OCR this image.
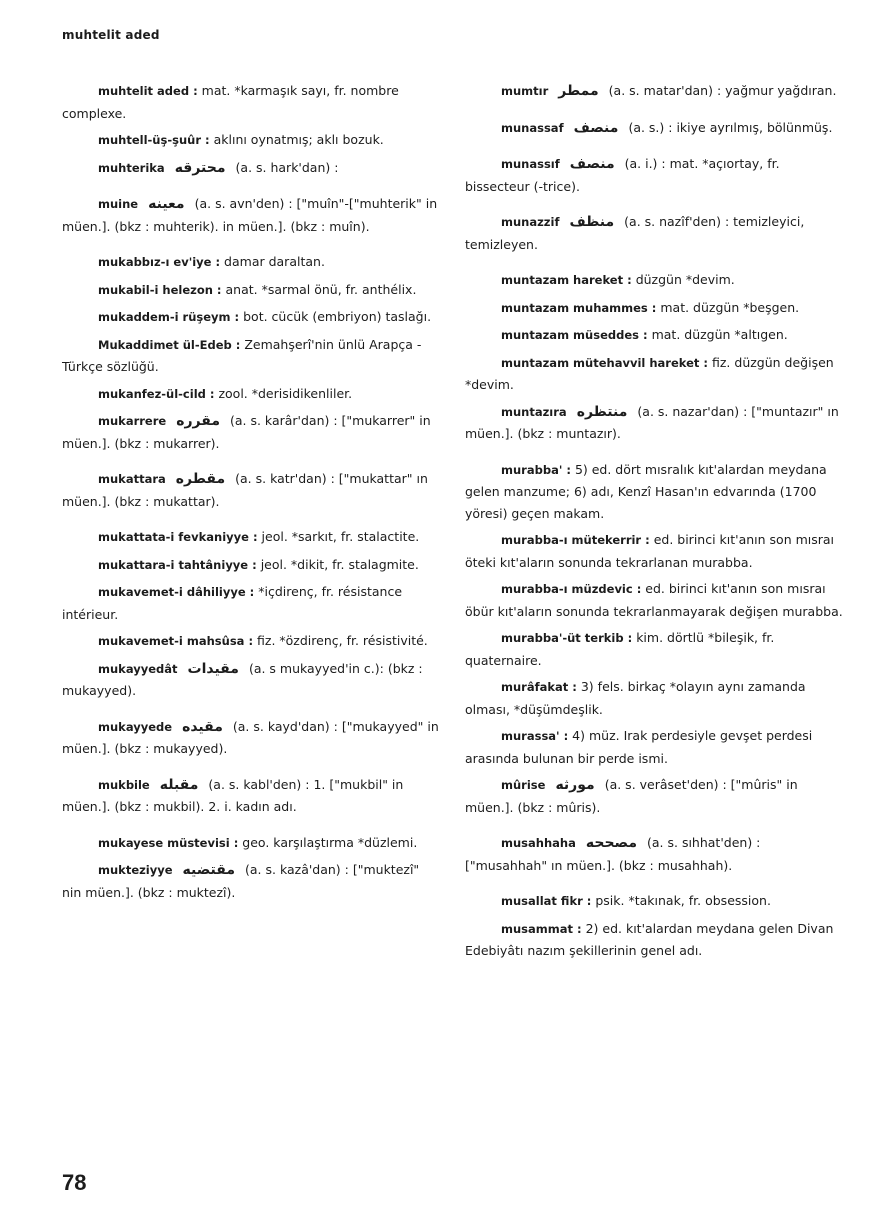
muhtelit aded
muhtelit aded : mat. *karmaşık sayı, fr. nombre complexe.
muhtell-üş-şuûr : aklını oynatmış; aklı bozuk.
muhterika محترقه (a. s. hark'dan) :
muine معينه (a. s. avn'den) : ["muîn"-["muhterik" in müen.]. (bkz : muhterik). in müen.]. (bkz : muîn).
mukabbız-ı ev'iye : damar daraltan.
mukabil-i helezon : anat. *sarmal önü, fr. anthélix.
mukaddem-i rüşeym : bot. cücük (embriyon) taslağı.
Mukaddimet ül-Edeb : Zemahşerî'nin ünlü Arapça - Türkçe sözlüğü.
mukanfez-ül-cild : zool. *derisidikenliler.
mukarrere مقرره (a. s. karâr'dan) : ["mukarrer" in müen.]. (bkz : mukarrer).
mukattara مقطره (a. s. katr'dan) : ["mukattar" ın müen.]. (bkz : mukattar).
mukattata-i fevkaniyye : jeol. *sarkıt, fr. stalactite.
mukattara-i tahtâniyye : jeol. *dikit, fr. stalagmite.
mukavemet-i dâhiliyye : *içdirenç, fr. résistance intérieur.
mukavemet-i mahsûsa : fiz. *özdirenç, fr. résistivité.
mukayyedât مقيدات (a. s mukayyed'in c.): (bkz : mukayyed).
mukayyede مقيده (a. s. kayd'dan) : ["mukayyed" in müen.]. (bkz : mukayyed).
mukbile مقبله (a. s. kabl'den) : 1. ["mukbil" in müen.]. (bkz : mukbil). 2. i. kadın adı.
mukayese müstevisi : geo. karşılaştırma *düzlemi.
mukteziyye مقتضيه (a. s. kazâ'dan) : ["muktezî" nin müen.]. (bkz : muktezî).
mumtır ممطر (a. s. matar'dan) : yağmur yağdıran.
munassaf منصف (a. s.) : ikiye ayrılmış, bölünmüş.
munassıf منصف (a. i.) : mat. *açıortay, fr. bissecteur (-trice).
munazzif منظف (a. s. nazîf'den) : temizleyici, temizleyen.
muntazam hareket : düzgün *devim.
muntazam muhammes : mat. düzgün *beşgen.
muntazam müseddes : mat. düzgün *altıgen.
muntazam mütehavvil hareket : fiz. düzgün değişen *devim.
muntazıra منتظره (a. s. nazar'dan) : ["muntazır" ın müen.]. (bkz : muntazır).
murabba' : 5) ed. dört mısralık kıt'alardan meydana gelen manzume; 6) adı, Kenzî Hasan'ın edvarında (1700 yöresi) geçen makam.
murabba-ı mütekerrir : ed. birinci kıt'anın son mısraı öteki kıt'aların sonunda tekrarlanan murabba.
murabba-ı müzdevic : ed. birinci kıt'anın son mısraı öbür kıt'aların sonunda tekrarlanmayarak değişen murabba.
murabba'-üt terkib : kim. dörtlü *bileşik, fr. quaternaire.
murâfakat : 3) fels. birkaç *olayın aynı zamanda olması, *düşümdeşlik.
murassa' : 4) müz. Irak perdesiyle gevşet perdesi arasında bulunan bir perde ismi.
mûrise مورثه (a. s. verâset'den) : ["mûris" in müen.]. (bkz : mûris).
musahhaha مصححه (a. s. sıhhat'den) : ["musahhah" ın müen.]. (bkz : musahhah).
musallat fikr : psik. *takınak, fr. obsession.
musammat : 2) ed. kıt'alardan meydana gelen Divan Edebiyâtı nazım şekillerinin genel adı.
78
